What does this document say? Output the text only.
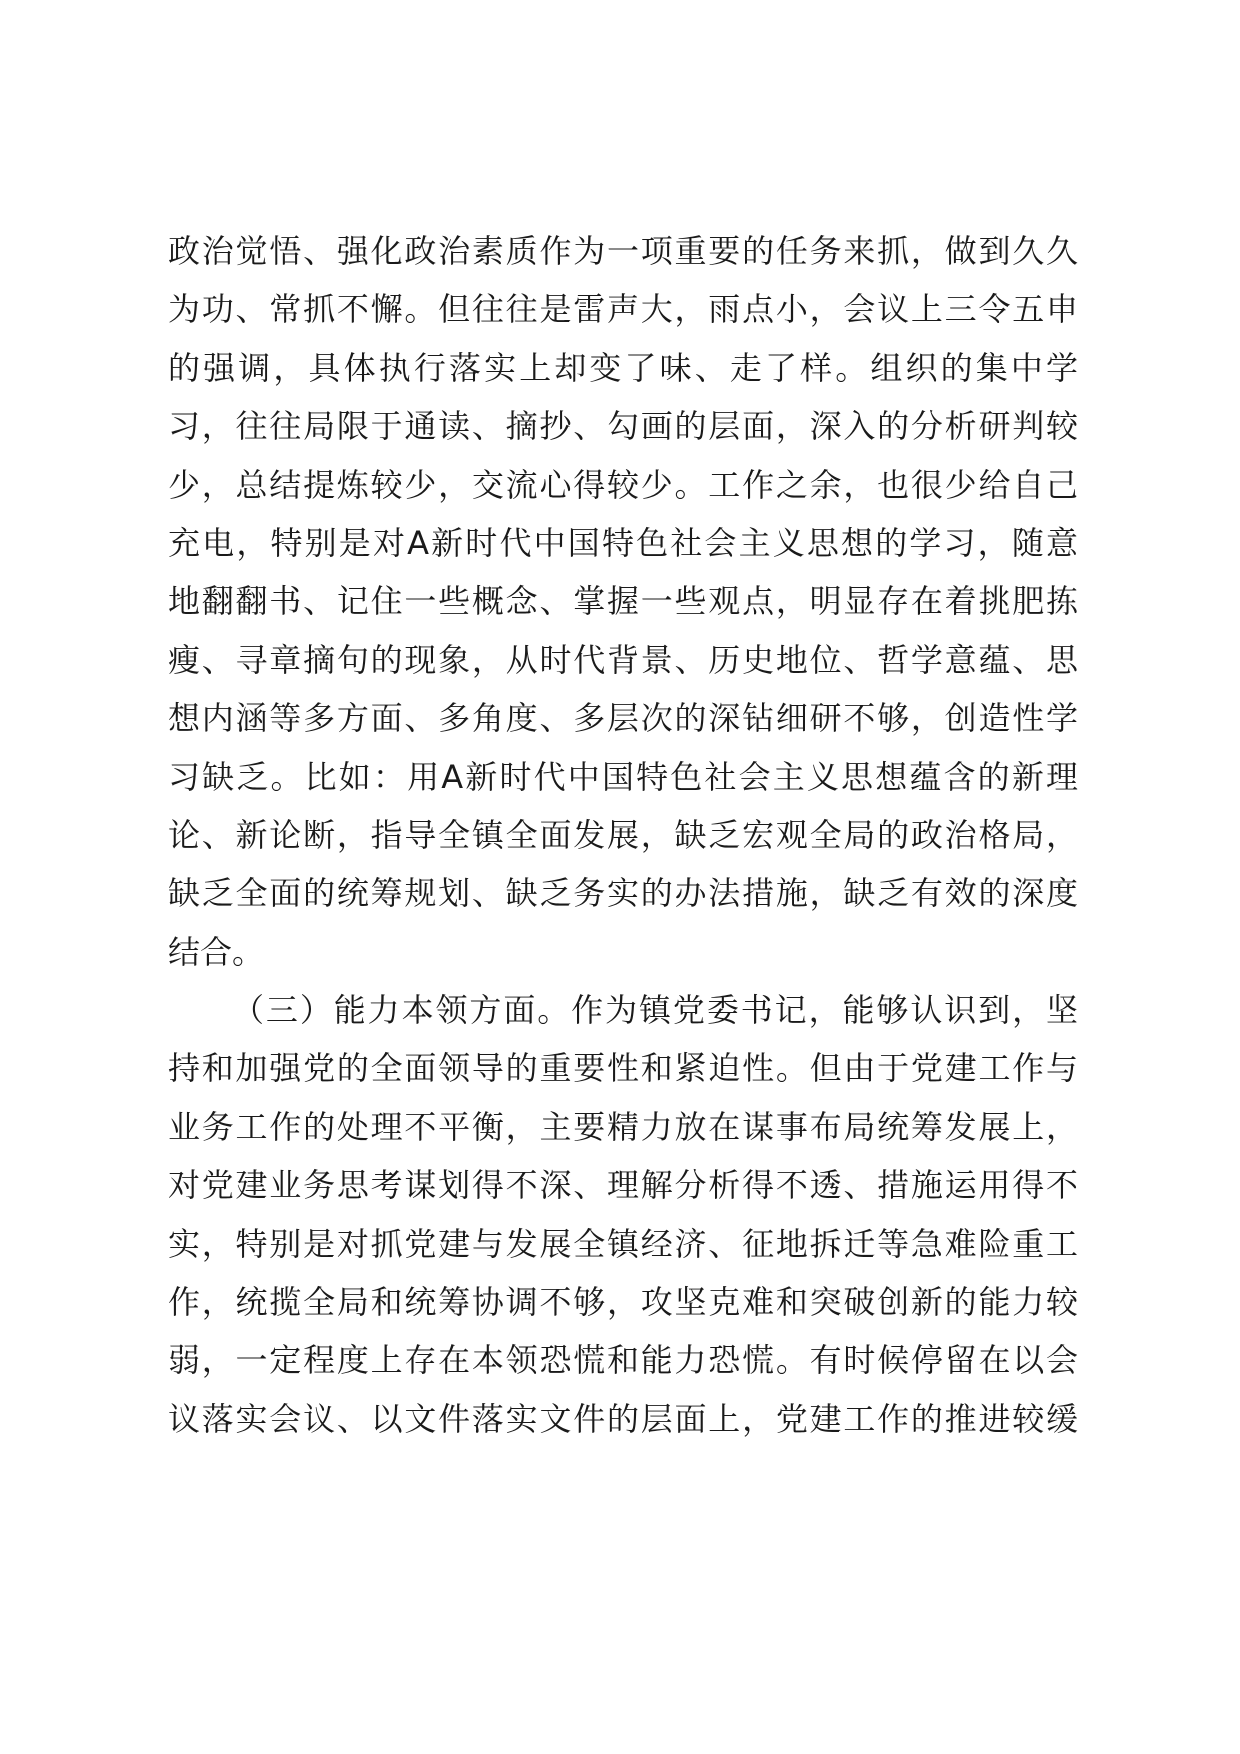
政治觉悟、强化政治素质作为一项重要的任务来抓，做到久久
为功、常抓不懈。但往往是雷声大，雨点小，会议上三令五申
的强调，具体执行落实上却变了味、走了样。组织的集中学
习，往往局限于通读、摘抄、勾画的层面，深入的分析研判较
少，总结提炼较少，交流心得较少。工作之余，也很少给自己
充电，特别是对A新时代中国特色社会主义思想的学习，随意
地翻翻书、记住一些概念、掌握一些观点，明显存在着挑肥拣
瘦、寻章摘句的现象，从时代背景、历史地位、哲学意蕴、思
想内涵等多方面、多角度、多层次的深钻细研不够，创造性学
习缺乏。比如：用A新时代中国特色社会主义思想蕴含的新理
论、新论断，指导全镇全面发展，缺乏宏观全局的政治格局，
缺乏全面的统筹规划、缺乏务实的办法措施，缺乏有效的深度
结合。
（三）能力本领方面。作为镇党委书记，能够认识到，坚
持和加强党的全面领导的重要性和紧迫性。但由于党建工作与
业务工作的处理不平衡，主要精力放在谋事布局统筹发展上，
对党建业务思考谋划得不深、理解分析得不透、措施运用得不
实，特别是对抓党建与发展全镇经济、征地拆迁等急难险重工
作，统揽全局和统筹协调不够，攻坚克难和突破创新的能力较
弱，一定程度上存在本领恐慌和能力恐慌。有时候停留在以会
议落实会议、以文件落实文件的层面上，党建工作的推进较缓
